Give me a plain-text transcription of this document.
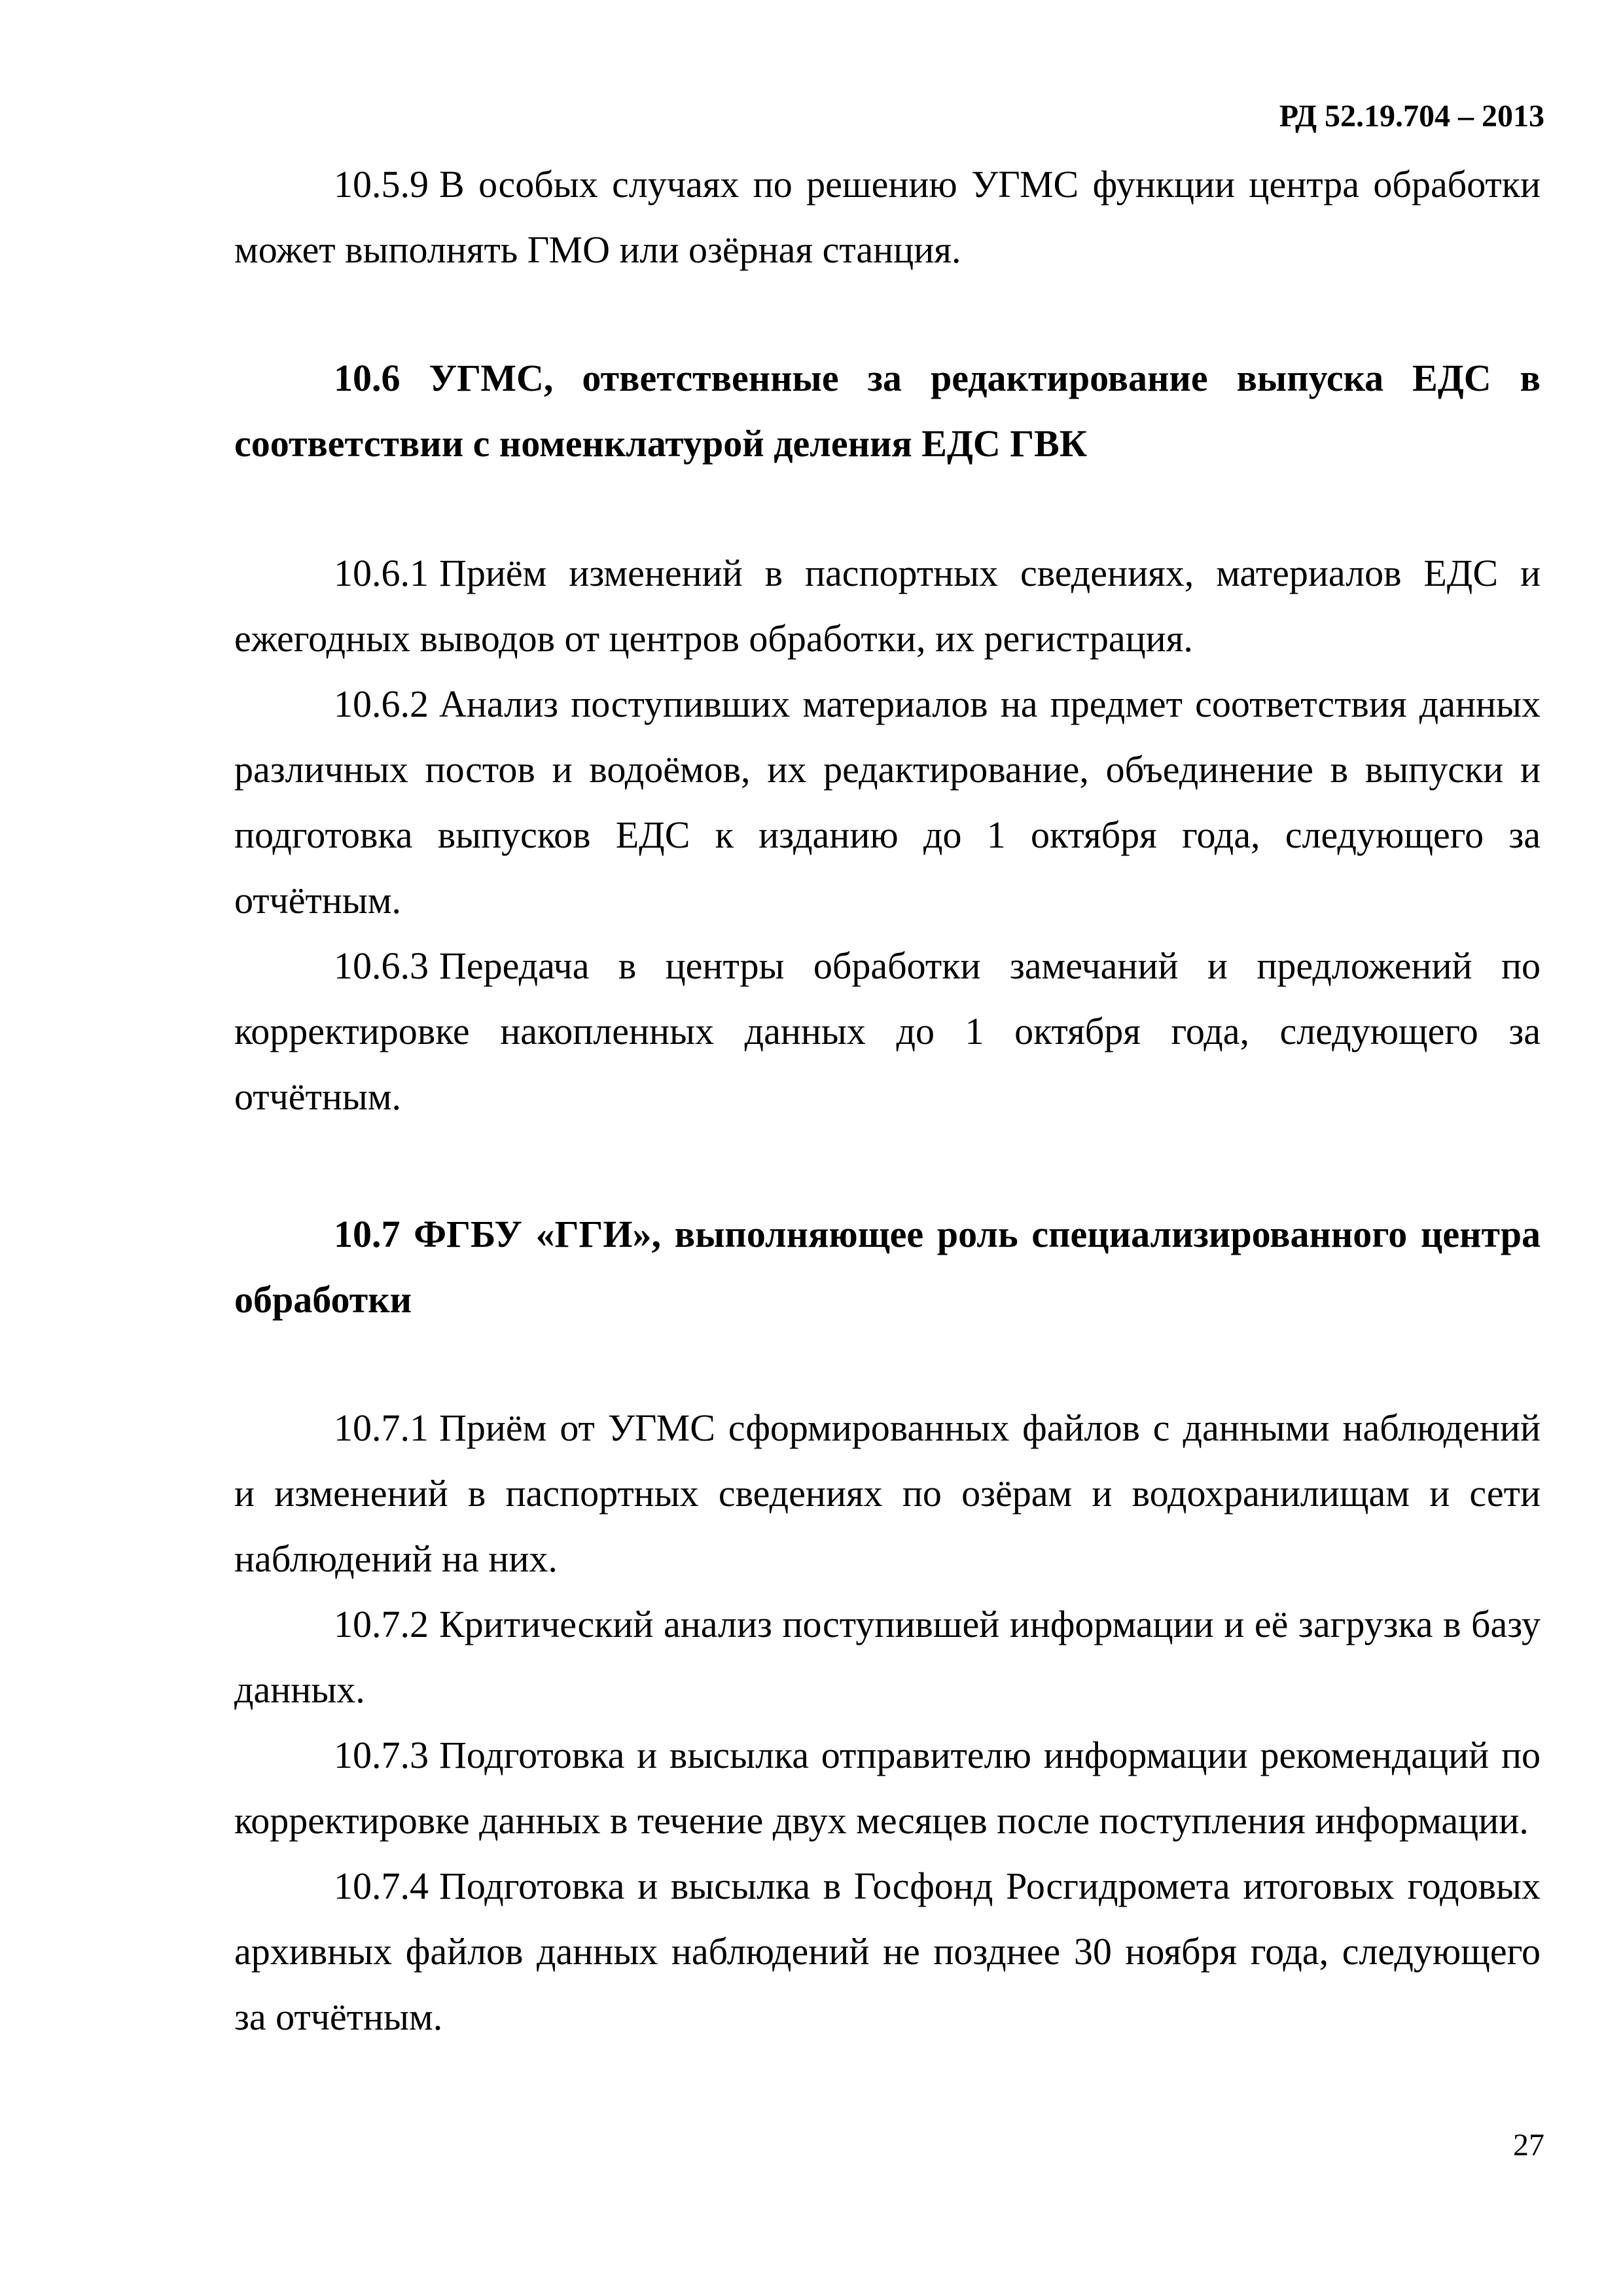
РД 52.19.704 – 2013

10.5.9 В особых случаях по решению УГМС функции центра обработки может выполнять ГМО или озёрная станция.

10.6 УГМС, ответственные за редактирование выпуска ЕДС в соответствии с номенклатурой деления ЕДС ГВК

10.6.1 Приём изменений в паспортных сведениях, материалов ЕДС и ежегодных выводов от центров обработки, их регистрация.

10.6.2 Анализ поступивших материалов на предмет соответствия данных различных постов и водоёмов, их редактирование, объединение в выпуски и подготовка выпусков ЕДС к изданию до 1 октября года, следующего за отчётным.

10.6.3 Передача в центры обработки замечаний и предложений по корректировке накопленных данных до 1 октября года, следующего за отчётным.

10.7 ФГБУ «ГГИ», выполняющее роль специализированного центра обработки

10.7.1 Приём от УГМС сформированных файлов с данными наблюдений и изменений в паспортных сведениях по озёрам и водохранилищам и сети наблюдений на них.

10.7.2 Критический анализ поступившей информации и её загрузка в базу данных.

10.7.3 Подготовка и высылка отправителю информации рекомендаций по корректировке данных в течение двух месяцев после поступления информации.

10.7.4 Подготовка и высылка в Госфонд Росгидромета итоговых годовых архивных файлов данных наблюдений не позднее 30 ноября года, следующего за отчётным.

27
